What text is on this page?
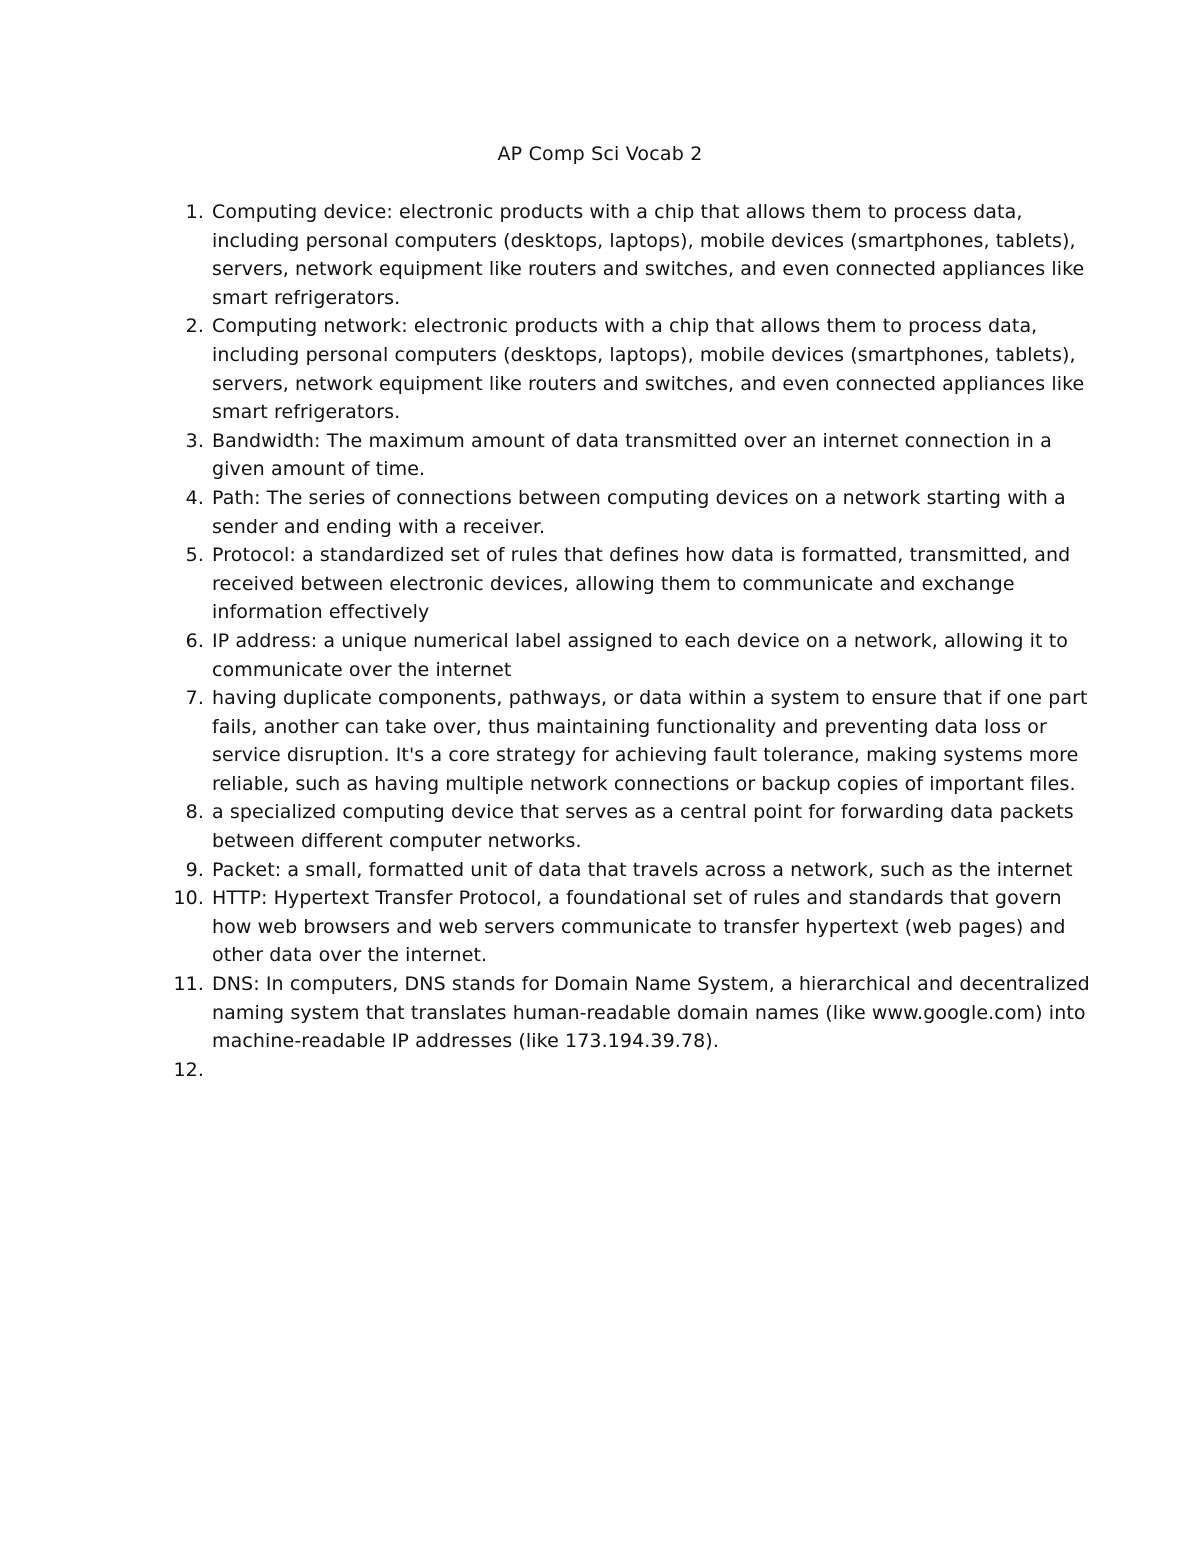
AP Comp Sci Vocab 2
1. Computing device: electronic products with a chip that allows them to process data, including personal computers (desktops, laptops), mobile devices (smartphones, tablets), servers, network equipment like routers and switches, and even connected appliances like smart refrigerators.
2. Computing network: electronic products with a chip that allows them to process data, including personal computers (desktops, laptops), mobile devices (smartphones, tablets), servers, network equipment like routers and switches, and even connected appliances like smart refrigerators.
3. Bandwidth: The maximum amount of data transmitted over an internet connection in a given amount of time.
4. Path: The series of connections between computing devices on a network starting with a sender and ending with a receiver.
5. Protocol: a standardized set of rules that defines how data is formatted, transmitted, and received between electronic devices, allowing them to communicate and exchange information effectively
6. IP address: a unique numerical label assigned to each device on a network, allowing it to communicate over the internet
7. having duplicate components, pathways, or data within a system to ensure that if one part fails, another can take over, thus maintaining functionality and preventing data loss or service disruption. It's a core strategy for achieving fault tolerance, making systems more reliable, such as having multiple network connections or backup copies of important files.
8. a specialized computing device that serves as a central point for forwarding data packets between different computer networks.
9. Packet: a small, formatted unit of data that travels across a network, such as the internet
10. HTTP: Hypertext Transfer Protocol, a foundational set of rules and standards that govern how web browsers and web servers communicate to transfer hypertext (web pages) and other data over the internet.
11. DNS: In computers, DNS stands for Domain Name System, a hierarchical and decentralized naming system that translates human-readable domain names (like www.google.com) into machine-readable IP addresses (like 173.194.39.78).
12.
